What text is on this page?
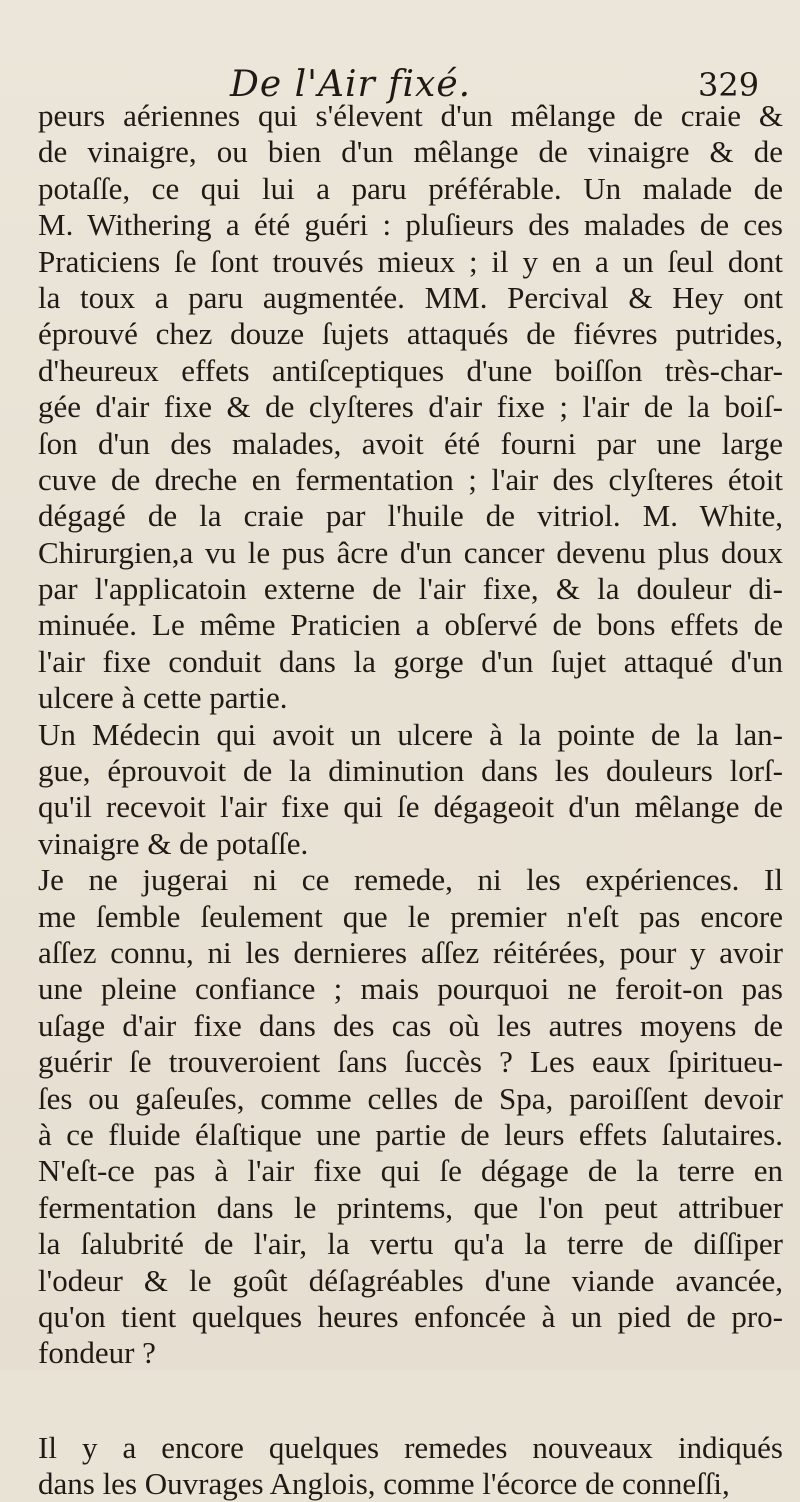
De l'Air fixé.	329
peurs aériennes qui s'élevent d'un mêlange de craie &
de vinaigre, ou bien d'un mêlange de vinaigre & de
potaſſe, ce qui lui a paru préférable. Un malade de
M. Withering a été guéri : pluſieurs des malades de ces
Praticiens ſe ſont trouvés mieux ; il y en a un ſeul dont
la toux a paru augmentée. MM. Percival & Hey ont
éprouvé chez douze ſujets attaqués de fiévres putrides,
d'heureux effets antiſceptiques d'une boiſſon très-char-
gée d'air fixe & de clyſteres d'air fixe ; l'air de la boiſ-
ſon d'un des malades, avoit été fourni par une large
cuve de dreche en fermentation ; l'air des clyſteres étoit
dégagé de la craie par l'huile de vitriol. M. White,
Chirurgien,a vu le pus âcre d'un cancer devenu plus doux
par l'applicatoin externe de l'air fixe, & la douleur di-
minuée. Le même Praticien a obſervé de bons effets de
l'air fixe conduit dans la gorge d'un ſujet attaqué d'un
ulcere à cette partie.
Un Médecin qui avoit un ulcere à la pointe de la lan-
gue, éprouvoit de la diminution dans les douleurs lorſ-
qu'il recevoit l'air fixe qui ſe dégageoit d'un mêlange de
vinaigre & de potaſſe.
Je ne jugerai ni ce remede, ni les expériences. Il
me ſemble ſeulement que le premier n'eſt pas encore
aſſez connu, ni les dernieres aſſez réitérées, pour y avoir
une pleine confiance ; mais pourquoi ne feroit-on pas
uſage d'air fixe dans des cas où les autres moyens de
guérir ſe trouveroient ſans ſuccès ? Les eaux ſpiritueu-
ſes ou gaſeuſes, comme celles de Spa, paroiſſent devoir
à ce fluide élaſtique une partie de leurs effets ſalutaires.
N'eſt-ce pas à l'air fixe qui ſe dégage de la terre en
fermentation dans le printems, que l'on peut attribuer
la ſalubrité de l'air, la vertu qu'a la terre de diſſiper
l'odeur & le goût déſagréables d'une viande avancée,
qu'on tient quelques heures enfoncée à un pied de pro-
fondeur ?
Il y a encore quelques remedes nouveaux indiqués
dans les Ouvrages Anglois, comme l'écorce de conneſſi,
